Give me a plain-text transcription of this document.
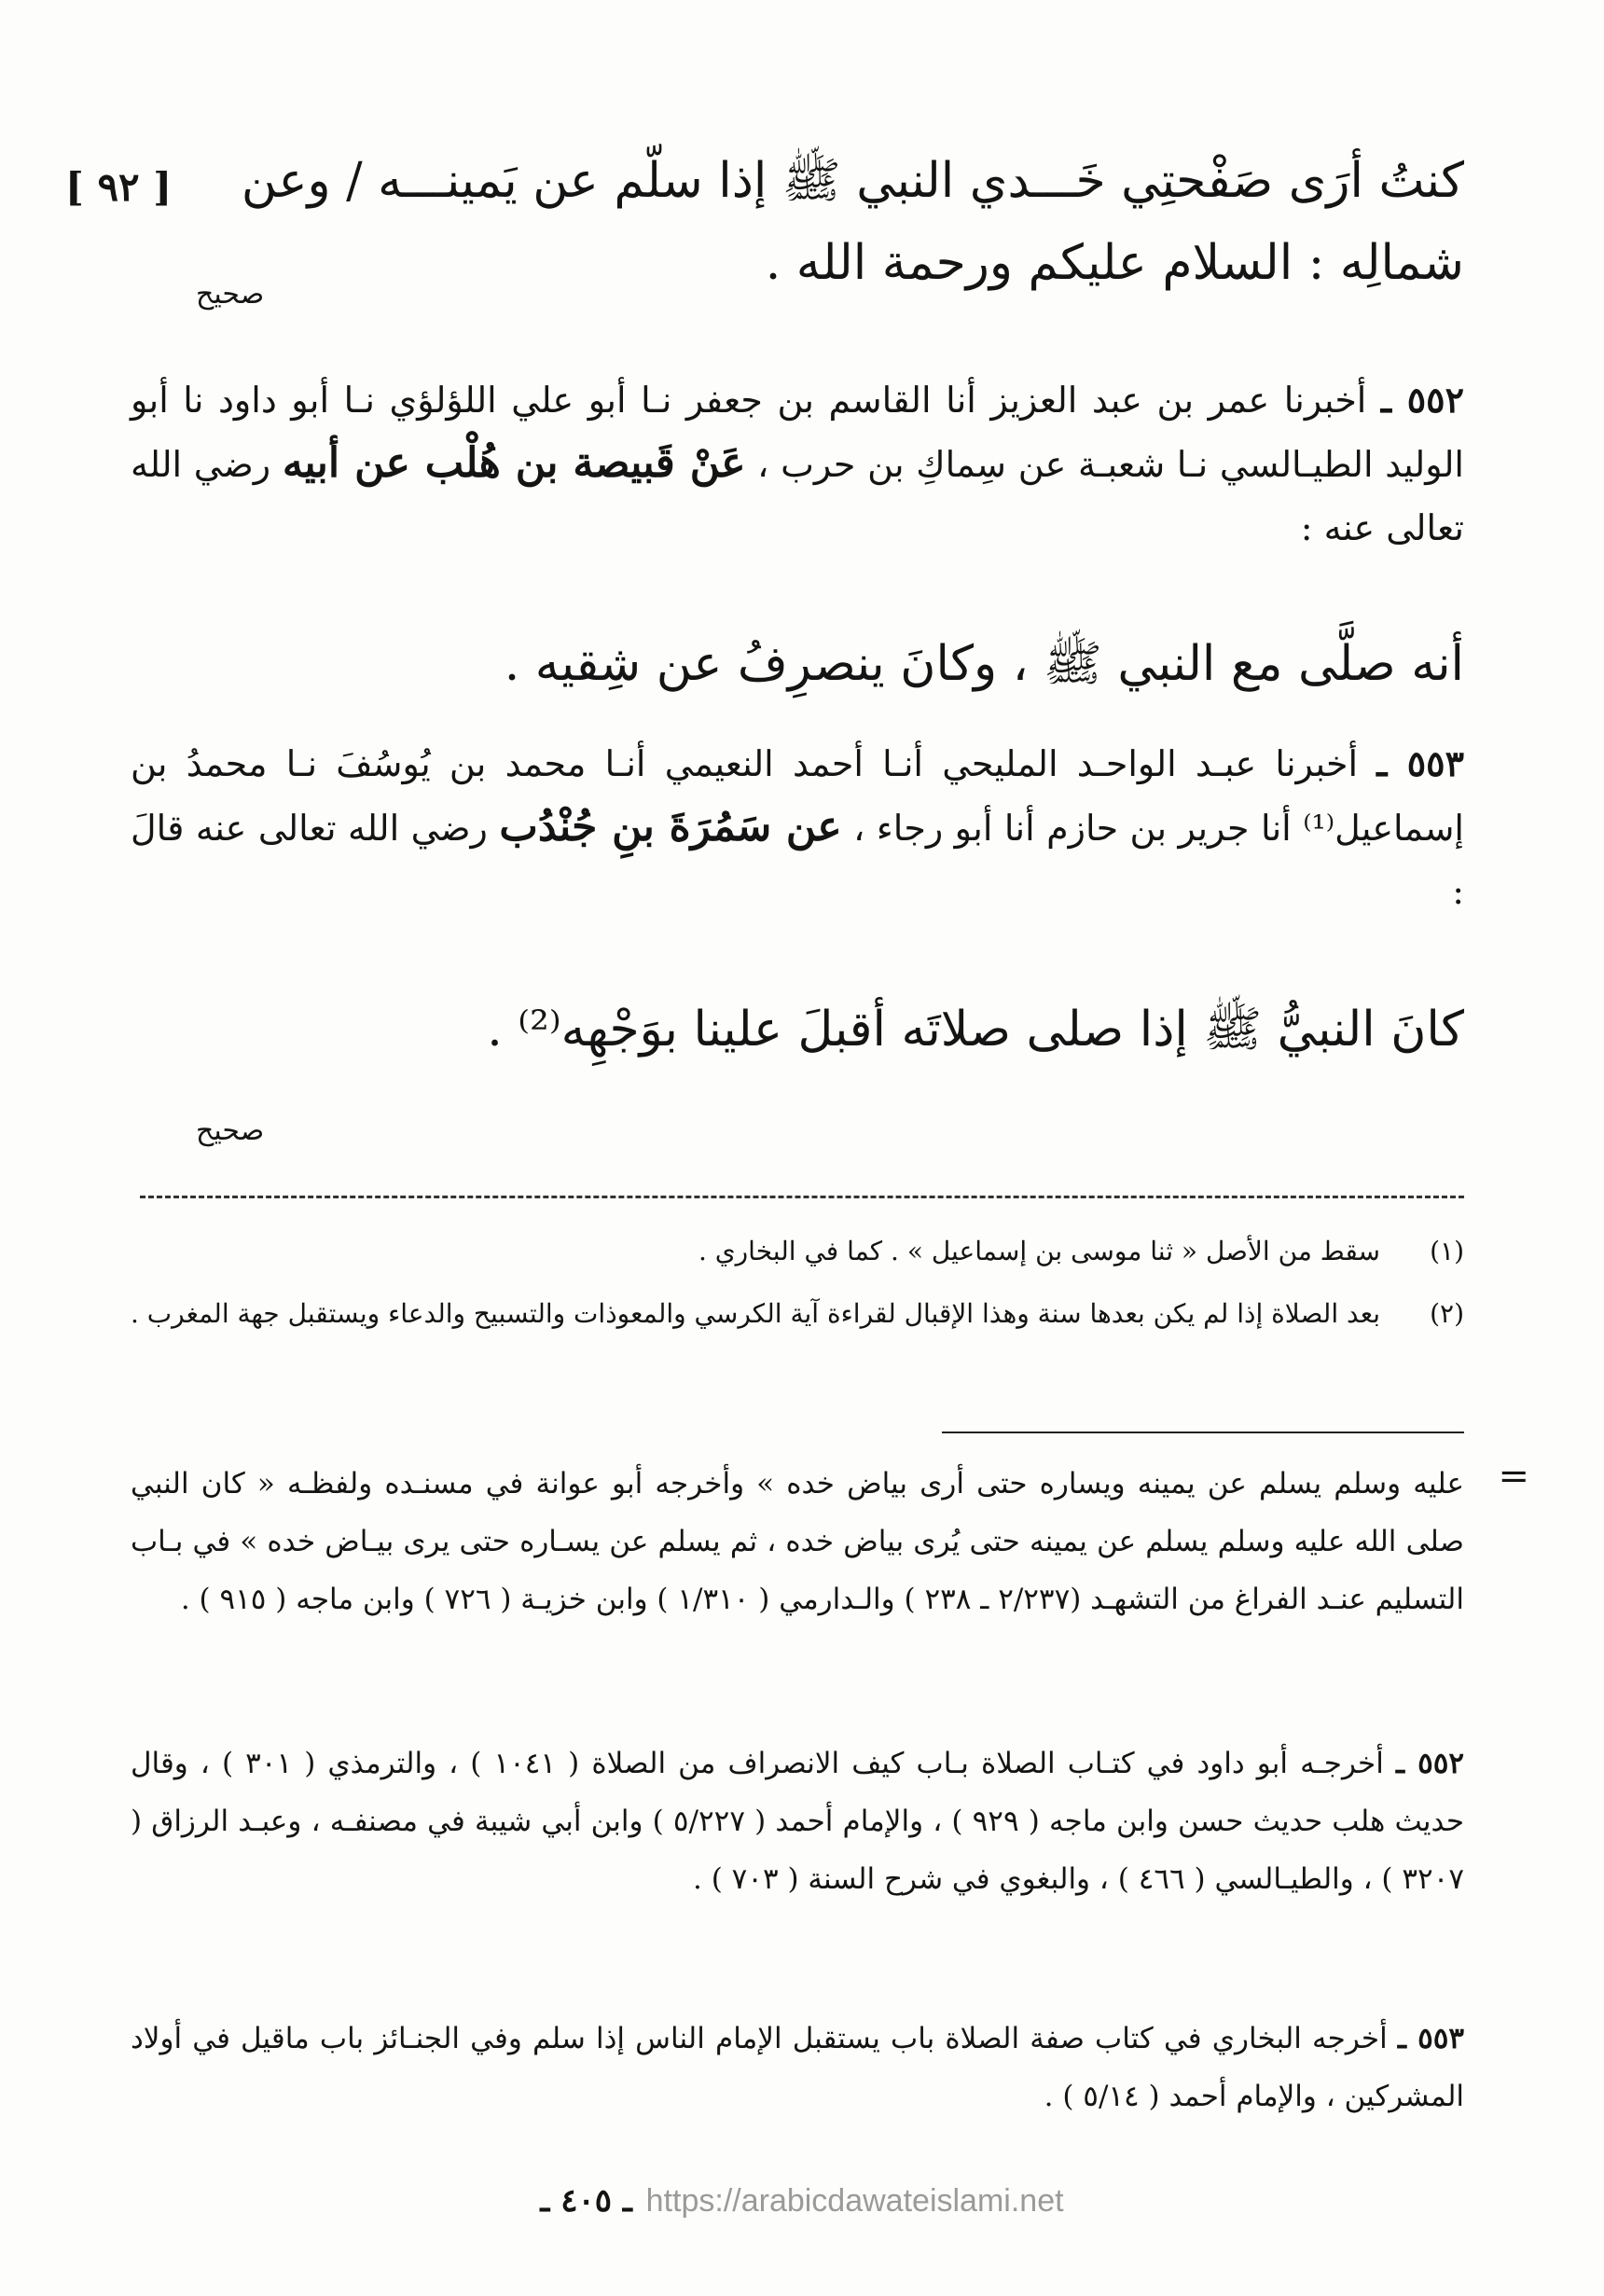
[ ٩٢ ]	كنتُ أرَى صَفْحتِي خَـــدي النبي ﷺ إذا سلّم عن يَمينـــه / وعن
شمالِه : السلام عليكم ورحمة الله .
صحيح
٥٥٢ ـ أخبرنا عمر بن عبد العزيز أنا القاسم بن جعفر نـا أبو علي اللؤلؤي نـا أبو داود نا أبو الوليد الطيـالسي نـا شعبـة عن سِماكِ بن حرب ، عَنْ قَبيصة بن هُلْب عن أبيه رضي الله تعالى عنه :
أنه صلَّى مع النبي ﷺ ، وكانَ ينصرِفُ عن شِقيه .
٥٥٣ ـ أخبرنا عبـد الواحـد المليحي أنـا أحمد النعيمي أنـا محمد بن يُوسُفَ نـا محمدُ بن إسماعيل⁽¹⁾ أنا جرير بن حازم أنا أبو رجاء ، عن سَمُرَةَ بنِ جُنْدُب رضي الله تعالى عنه قالَ :
كانَ النبيُّ ﷺ إذا صلى صلاتَه أقبلَ علينا بوَجْهِه⁽²⁾ .
صحيح
(١)
سقط من الأصل « ثنا موسى بن إسماعيل » . كما في البخاري .
(٢)
بعد الصلاة إذا لم يكن بعدها سنة وهذا الإقبال لقراءة آية الكرسي والمعوذات والتسبيح والدعاء ويستقبل جهة المغرب .
=
عليه وسلم يسلم عن يمينه ويساره حتى أرى بياض خده » وأخرجه أبو عوانة في مسنـده ولفظـه « كان النبي صلى الله عليه وسلم يسلم عن يمينه حتى يُرى بياض خده ، ثم يسلم عن يسـاره حتى يرى بيـاض خده » في بـاب التسليم عنـد الفراغ من التشهـد (٢/٢٣٧ ـ ٢٣٨ ) والـدارمي ( ١/٣١٠ ) وابن خزيـة ( ٧٢٦ ) وابن ماجه ( ٩١٥ ) .
٥٥٢ ـ أخرجـه أبو داود في كتـاب الصلاة بـاب كيف الانصراف من الصلاة ( ١٠٤١ ) ، والترمذي ( ٣٠١ ) ، وقال حديث هلب حديث حسن وابن ماجه ( ٩٢٩ ) ، والإمام أحمد ( ٥/٢٢٧ ) وابن أبي شيبة في مصنفـه ، وعبـد الرزاق ( ٣٢٠٧ ) ، والطيـالسي ( ٤٦٦ ) ، والبغوي في شرح السنة ( ٧٠٣ ) .
٥٥٣ ـ أخرجه البخاري في كتاب صفة الصلاة باب يستقبل الإمام الناس إذا سلم وفي الجنـائز باب ماقيل في أولاد المشركين ، والإمام أحمد ( ٥/١٤ ) .
ـ ٤٠٥ ـ https://arabicdawateislami.net
